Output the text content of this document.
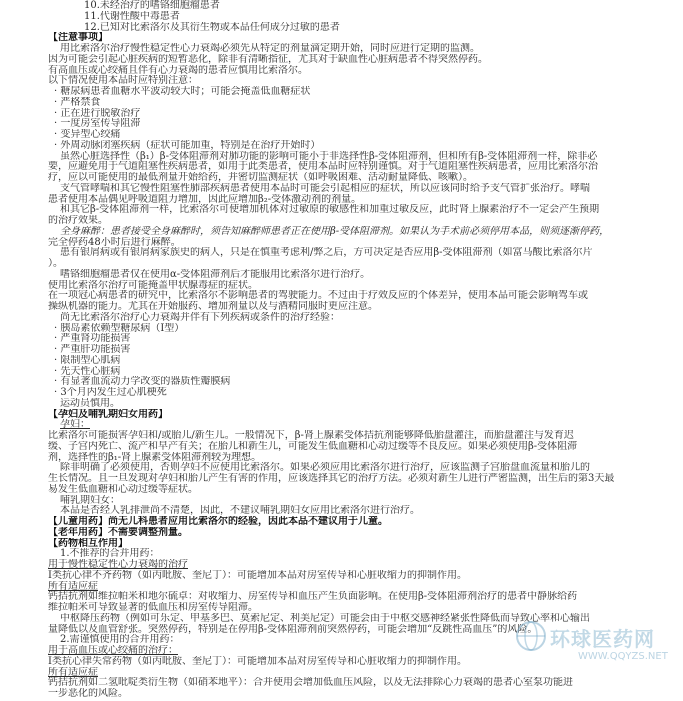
10.未经治疗的嗜铬细胞瘤患者
11.代谢性酸中毒患者
12.已知对比索洛尔及其衍生物或本品任何成分过敏的患者
【注意事项】
用比索洛尔治疗慢性稳定性心力衰竭必须先从特定的剂量滴定期开始，同时应进行定期的监测。
因为可能会引起心脏疾病的短暂恶化，除非有清晰指征，尤其对于缺血性心脏病患者不得突然停药。
有高血压或心绞痛且伴有心力衰竭的患者应慎用比索洛尔。
以下情况使用本品时应特别注意：
· 糖尿病患者血糖水平波动较大时；可能会掩盖低血糖症状
· 严格禁食
· 正在进行脱敏治疗
· 一度房室传导阻滞
· 变异型心绞痛
· 外周动脉闭塞疾病（症状可能加重，特别是在治疗开始时）
虽然心脏选择性（β₁）β-受体阻滞剂对肺功能的影响可能小于非选择性β-受体阻滞剂，但和所有β-受体阻滞剂一样，除非必
要，应避免用于气道阻塞性疾病患者，如用于此类患者，使用本品时应特别谨慎。对于气道阻塞性疾病患者，应用比索洛尔治
疗，应以可能使用的最低剂量开始给药，并密切监测症状（如呼吸困难、活动耐量降低、咳嗽）。
支气管哮喘和其它慢性阻塞性肺部疾病患者使用本品时可能会引起相应的症状，所以应该同时给予支气管扩张治疗。哮喘
患者使用本品偶见呼吸道阻力增加，因此应增加β₂-受体激动剂的剂量。
和其它β-受体阻滞剂一样，比索洛尔可使增加机体对过敏原的敏感性和加重过敏反应，此时肾上腺素治疗不一定会产生预期
的治疗效果。
全身麻醉：患者接受全身麻醉时，须告知麻醉师患者正在使用β-受体阻滞剂。如果认为手术前必须停用本品，则须逐渐停药，
完全停药48小时后进行麻醉。
患有银屑病或有银屑病家族史的病人，只是在慎重考虑利/弊之后，方可决定是否应用β-受体阻滞剂（如富马酸比索洛尔片
）。
嗜铬细胞瘤患者仅在使用α-受体阻滞剂后才能服用比索洛尔进行治疗。
使用比索洛尔治疗可能掩盖甲状腺毒症的症状。
在一项冠心病患者的研究中，比索洛尔不影响患者的驾驶能力。不过由于疗效反应的个体差异，使用本品可能会影响驾车或
操纵机器的能力。尤其在开始服药、增加剂量以及与酒精同服时更应注意。
尚无比索洛尔治疗心力衰竭并伴有下列疾病或条件的治疗经验：
· 胰岛素依赖型糖尿病（I型）
· 严重肾功能损害
· 严重肝功能损害
· 限制型心肌病
· 先天性心脏病
· 有显著血流动力学改变的器质性瓣膜病
· 3个月内发生过心肌梗死
运动员慎用。
【孕妇及哺乳期妇女用药】
孕妇：
比索洛尔可能损害孕妇和/或胎儿/新生儿。一般情况下，β-肾上腺素受体拮抗剂能够降低胎盘灌注，而胎盘灌注与发育迟
缓、子宫内死亡、流产和早产有关；在胎儿和新生儿，可能发生低血糖和心动过缓等不良反应。如果必须使用β-受体阻滞
剂，选择性的β₁-肾上腺素受体阻滞剂较为理想。
除非明确了必须使用，否则孕妇不应使用比索洛尔。如果必须应用比索洛尔进行治疗，应该监测子宫胎盘血流量和胎儿的
生长情况。且一旦发现对孕妇和胎儿产生有害的作用，应该选择其它的治疗方法。必须对新生儿进行严密监测，出生后的第3天最
易发生低血糖和心动过缓等症状。
哺乳期妇女：
本品是否经人乳排泄尚不清楚，因此，不建议哺乳期妇女应用比索洛尔进行治疗。
【儿童用药】尚无儿科患者应用比索洛尔的经验，因此本品不建议用于儿童。
【老年用药】不需要调整剂量。
【药物相互作用】
1.不推荐的合并用药：
用于慢性稳定性心力衰竭的治疗
Ⅰ类抗心律不齐药物（如丙吡胺、奎尼丁）：可能增加本品对房室传导和心脏收缩力的抑制作用。
所有适应症
钙拮抗剂如维拉帕米和地尔硫卓：对收缩力、房室传导和血压产生负面影响。在使用β-受体阻滞剂治疗的患者中静脉给药
维拉帕米可导致显著的低血压和房室传导阻滞。
中枢降压药物（例如可乐定、甲基多巴、莫索尼定、利美尼定）可能会由于中枢交感神经紧张性降低而导致心率和心输出
量降低以及血管舒张。突然停药，特别是在停用β-受体阻滞剂前突然停药，可能会增加“反跳性高血压”的风险。
2.需谨慎使用的合并用药：
用于高血压或心绞痛的治疗：
Ⅰ类抗心律失常药物（如丙吡胺、奎尼丁）：可能增加本品对房室传导和心脏收缩力的抑制作用。
所有适应症
钙拮抗剂如二氢吡啶类衍生物（如硝苯地平）：合并使用会增加低血压风险，以及无法排除心力衰竭的患者心室泵功能进
一步恶化的风险。
环球医药网
WWW.QQYZS.NET
